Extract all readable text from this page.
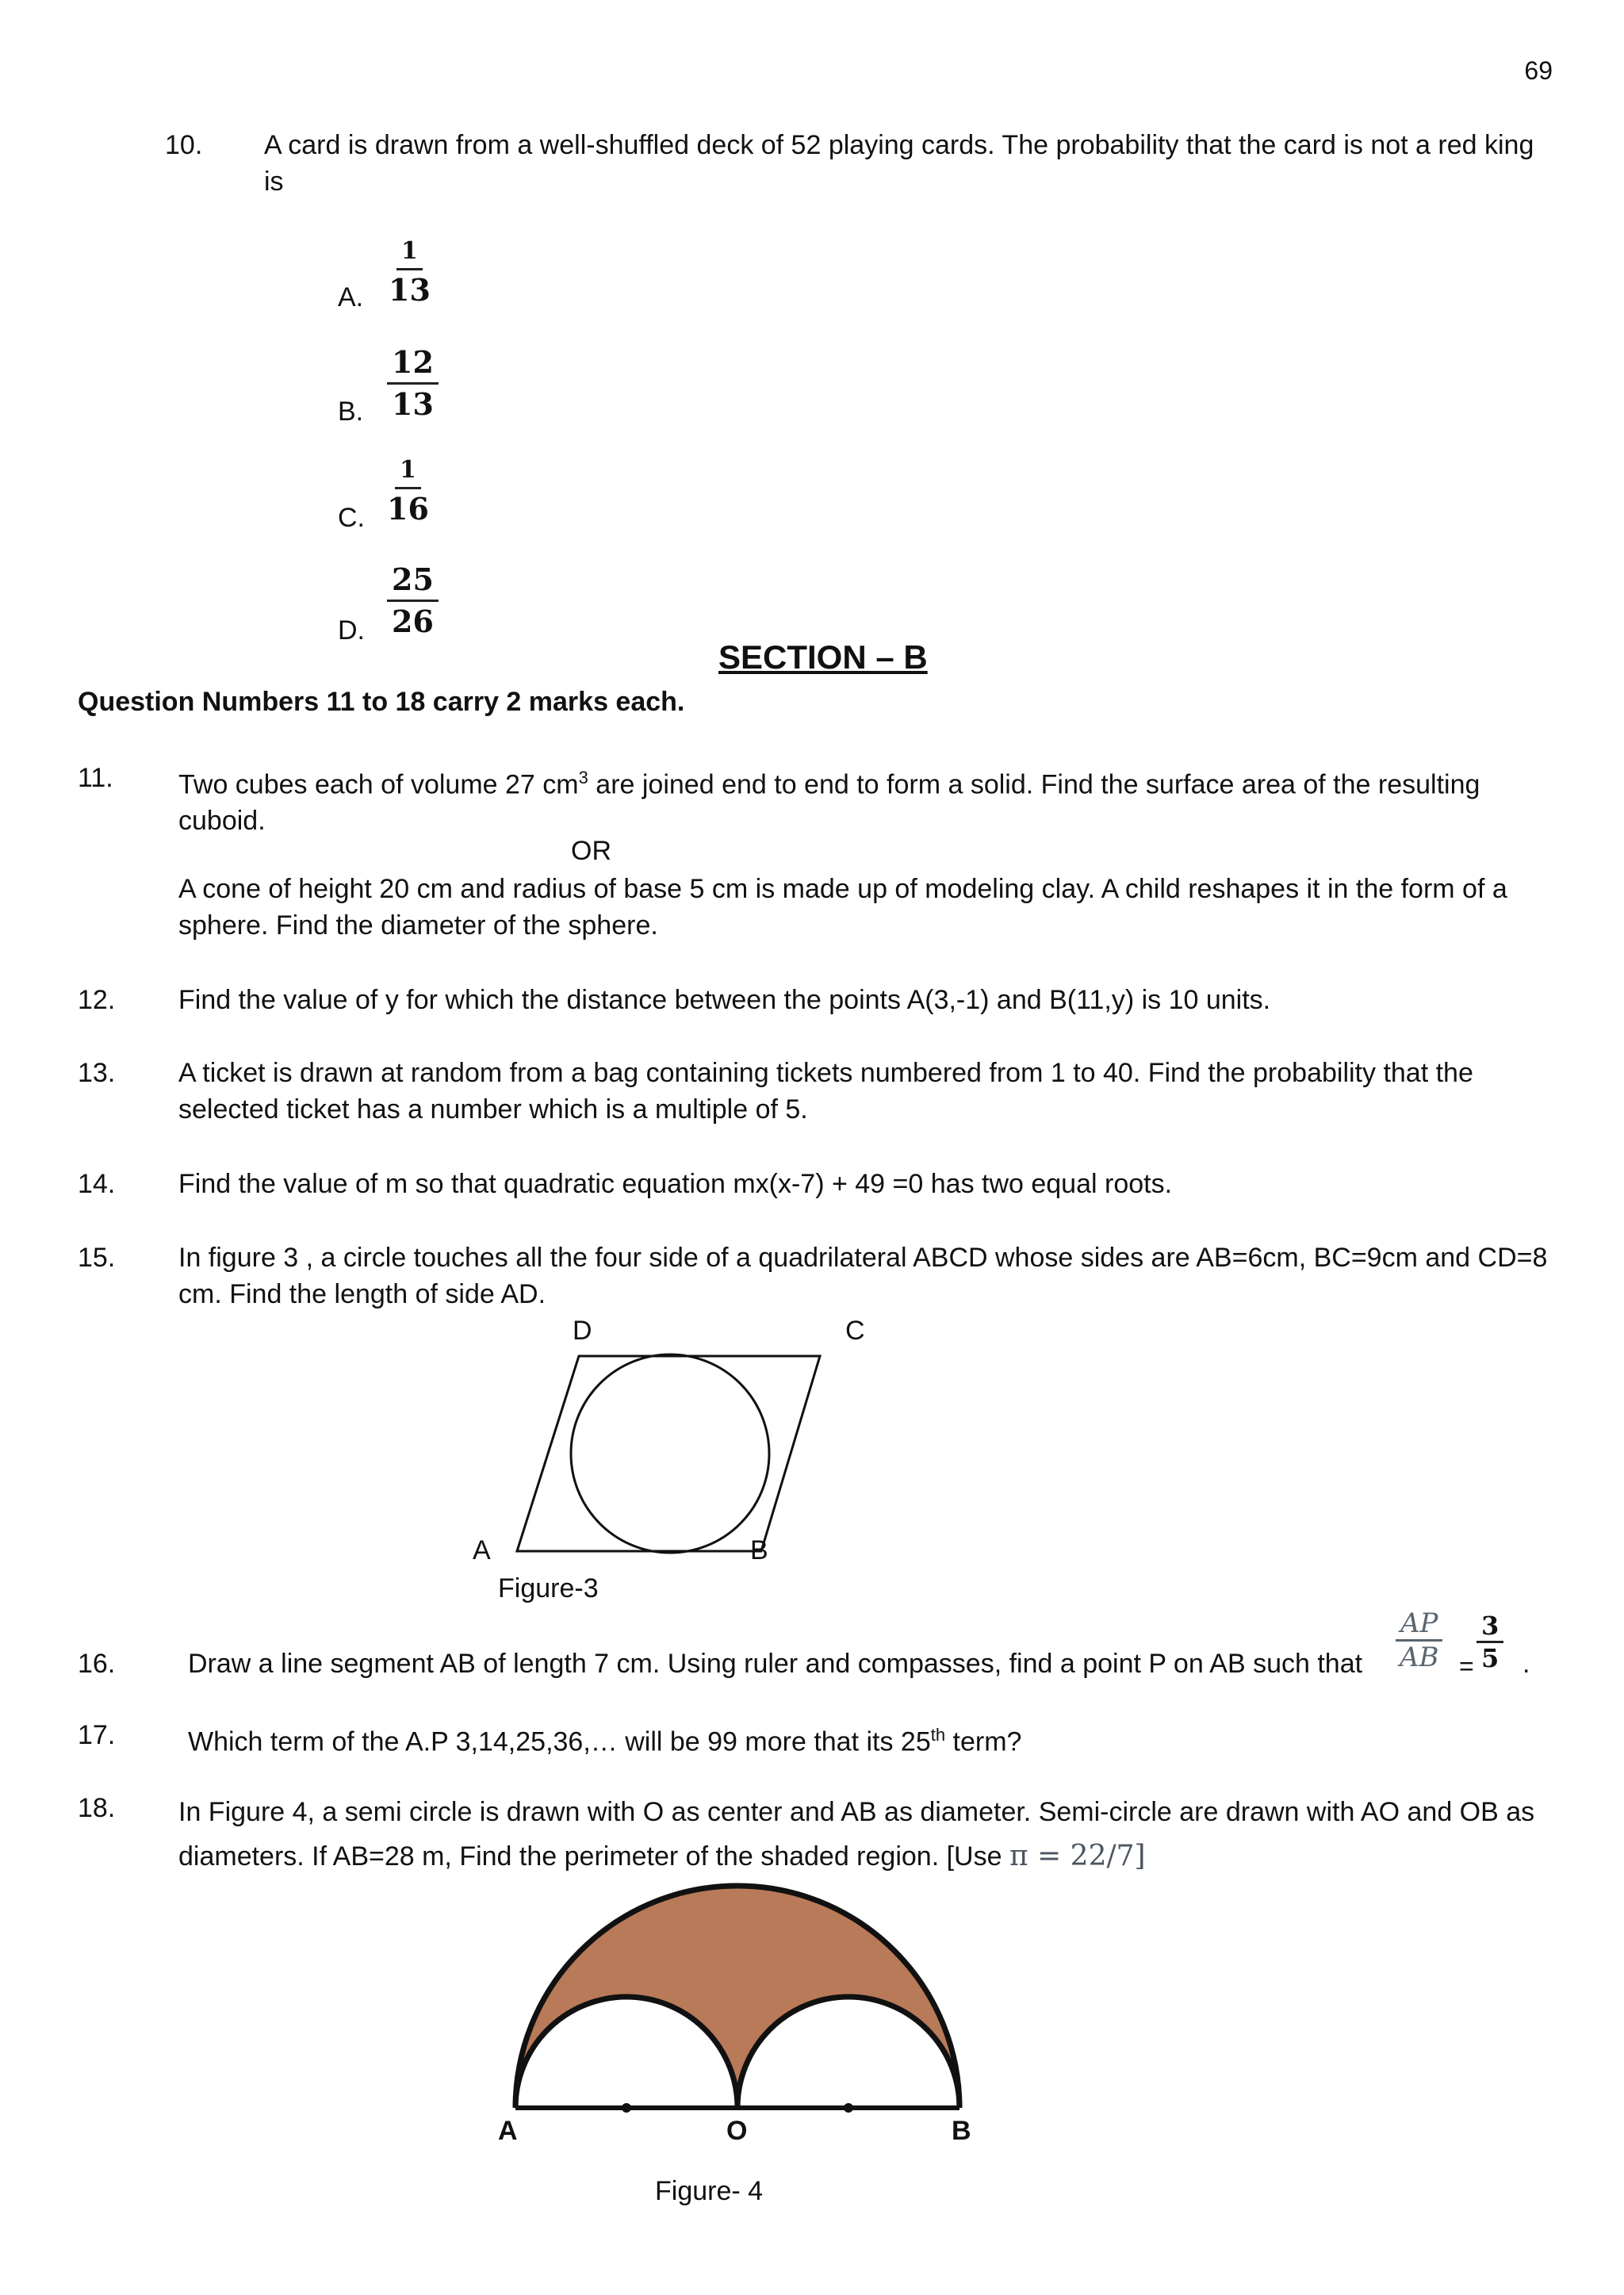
69
10. A card is drawn from a well-shuffled deck of 52 playing cards. The probability that the card is not a red king is
A.
1
13
B. $\frac{12}{13}$
C.
1
16
D. $\frac{25}{26}$
SECTION – B
Question Numbers 11 to 18 carry 2 marks each.
11. Two cubes each of volume 27 $cm^3$ are joined end to end to form a solid. Find the surface area of the resulting cuboid.
OR
A cone of height 20 cm and radius of base 5 cm is made up of modeling clay. A child reshapes it in the form of a sphere. Find the diameter of the sphere.
12. Find the value of y for which the distance between the points A(3,-1) and B(11,y) is 10 units.
13. A ticket is drawn at random from a bag containing tickets numbered from 1 to 40. Find the probability that the selected ticket has a number which is a multiple of 5.
14. Find the value of m so that quadratic equation mx(x-7) + 49 =0 has two equal roots.
15. In figure 3 , a circle touches all the four side of a quadrilateral ABCD whose sides are AB=6cm, BC=9cm and CD=8 cm. Find the length of side AD.
D	C
A	B
Figure-3
16.	Draw a line segment AB of length 7 cm. Using ruler and compasses, find a point P on AB such that $\frac{AP}{AB} = \frac{3}{5}$ .
17.	Which term of the A.P 3,14,25,36,… will be 99 more that its 25th term?
18. In Figure 4, a semi circle is drawn with O as center and AB as diameter. Semi-circle are drawn with AO and OB as diameters. If AB=28 m, Find the perimeter of the shaded region. [Use π = 22/7]
A	O	B
Figure- 4
